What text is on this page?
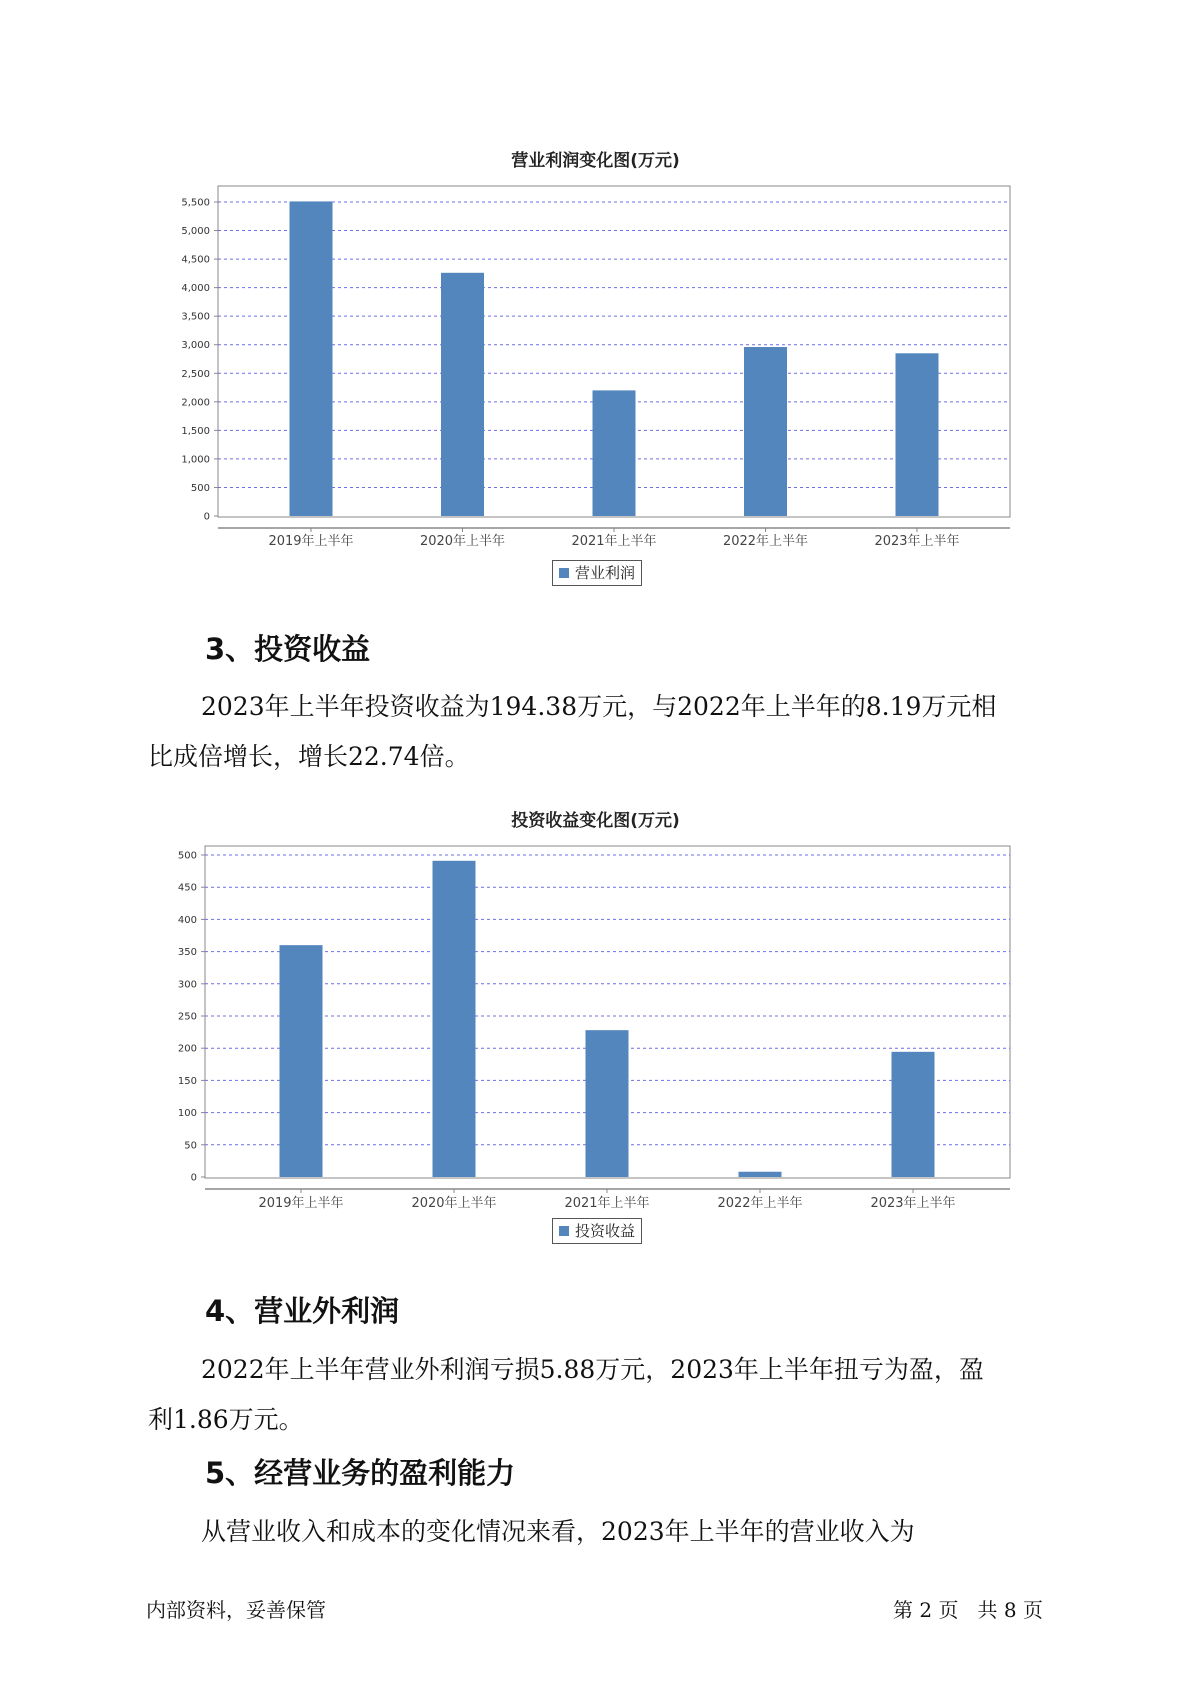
营业利润变化图(万元)
0
500
1,000
1,500
2,000
2,500
3,000
3,500
4,000
4,500
5,000
5,500
2019年上半年	2020年上半年	2021年上半年	2022年上半年	2023年上半年
营业利润
3、投资收益
2023年上半年投资收益为194.38万元，与2022年上半年的8.19万元相
比成倍增长，增长22.74倍。
投资收益变化图(万元)
0
50
100
150
200
250
300
350
400
450
500
2019年上半年	2020年上半年	2021年上半年	2022年上半年	2023年上半年
投资收益
4、营业外利润
2022年上半年营业外利润亏损5.88万元，2023年上半年扭亏为盈，盈
利1.86万元。
5、经营业务的盈利能力
从营业收入和成本的变化情况来看，2023年上半年的营业收入为
内部资料，妥善保管	第 2 页   共 8 页
